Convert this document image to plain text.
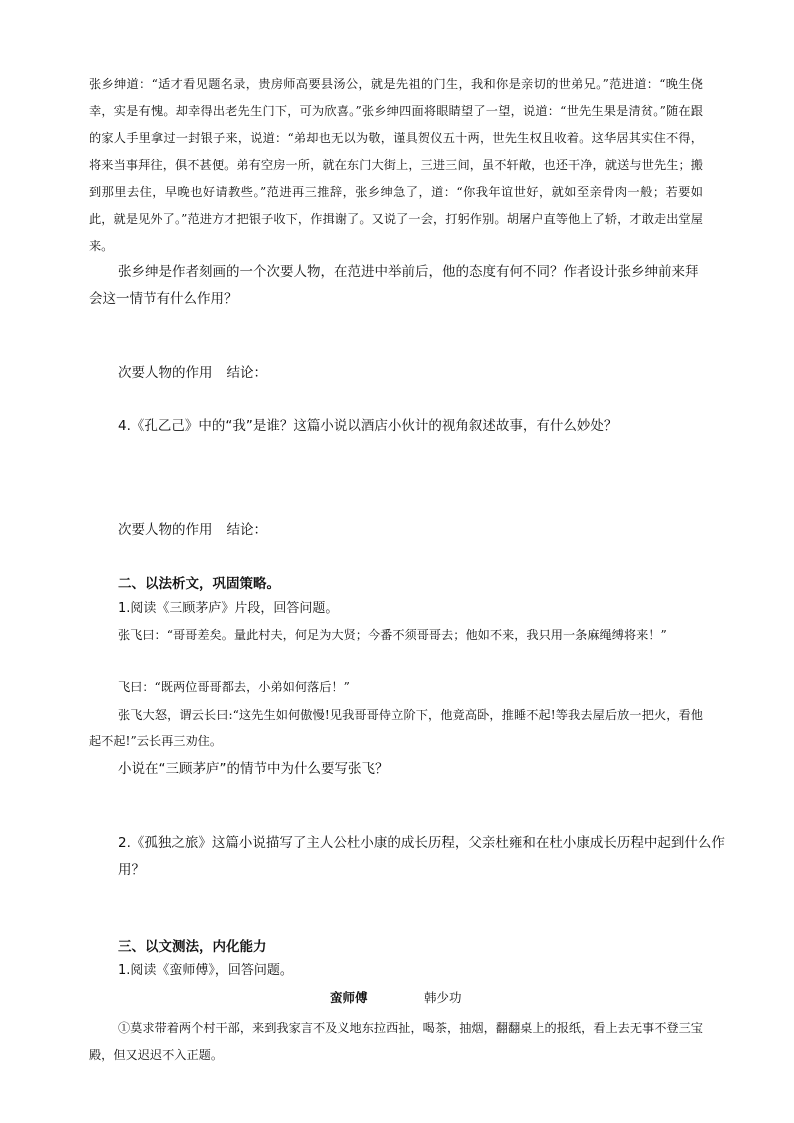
张乡绅道：“适才看见题名录，贵房师高要县汤公，就是先祖的门生，我和你是亲切的世弟兄。”范进道：“晚生侥幸，实是有愧。却幸得出老先生门下，可为欣喜。”张乡绅四面将眼睛望了一望，说道：“世先生果是清贫。”随在跟的家人手里拿过一封银子来，说道：“弟却也无以为敬，谨具贺仪五十两，世先生权且收着。这华居其实住不得，将来当事拜往，俱不甚便。弟有空房一所，就在东门大街上，三进三间，虽不轩敞，也还干净，就送与世先生；搬到那里去住，早晚也好请教些。”范进再三推辞，张乡绅急了，道：“你我年谊世好，就如至亲骨肉一般；若要如此，就是见外了。”范进方才把银子收下，作揖谢了。又说了一会，打躬作别。胡屠户直等他上了轿，才敢走出堂屋来。

张乡绅是作者刻画的一个次要人物，在范进中举前后，他的态度有何不同？作者设计张乡绅前来拜会这一情节有什么作用？

次要人物的作用 结论：

4.《孔乙己》中的“我”是谁？这篇小说以酒店小伙计的视角叙述故事，有什么妙处？

次要人物的作用 结论：

二、以法析文，巩固策略。

1.阅读《三顾茅庐》片段，回答问题。

张飞曰：“哥哥差矣。量此村夫，何足为大贤；今番不须哥哥去；他如不来，我只用一条麻绳缚将来！”

飞曰：“既两位哥哥都去，小弟如何落后！”

张飞大怒，谓云长曰:“这先生如何傲慢!见我哥哥侍立阶下，他竟高卧，推睡不起!等我去屋后放一把火，看他起不起!”云长再三劝住。

小说在“三顾茅庐”的情节中为什么要写张飞？

2.《孤独之旅》这篇小说描写了主人公杜小康的成长历程，父亲杜雍和在杜小康成长历程中起到什么作用？

三、以文测法，内化能力

1.阅读《蛮师傅》，回答问题。

蛮师傅	韩少功

①莫求带着两个村干部，来到我家言不及义地东拉西扯，喝茶，抽烟，翻翻桌上的报纸，看上去无事不登三宝殿，但又迟迟不入正题。
